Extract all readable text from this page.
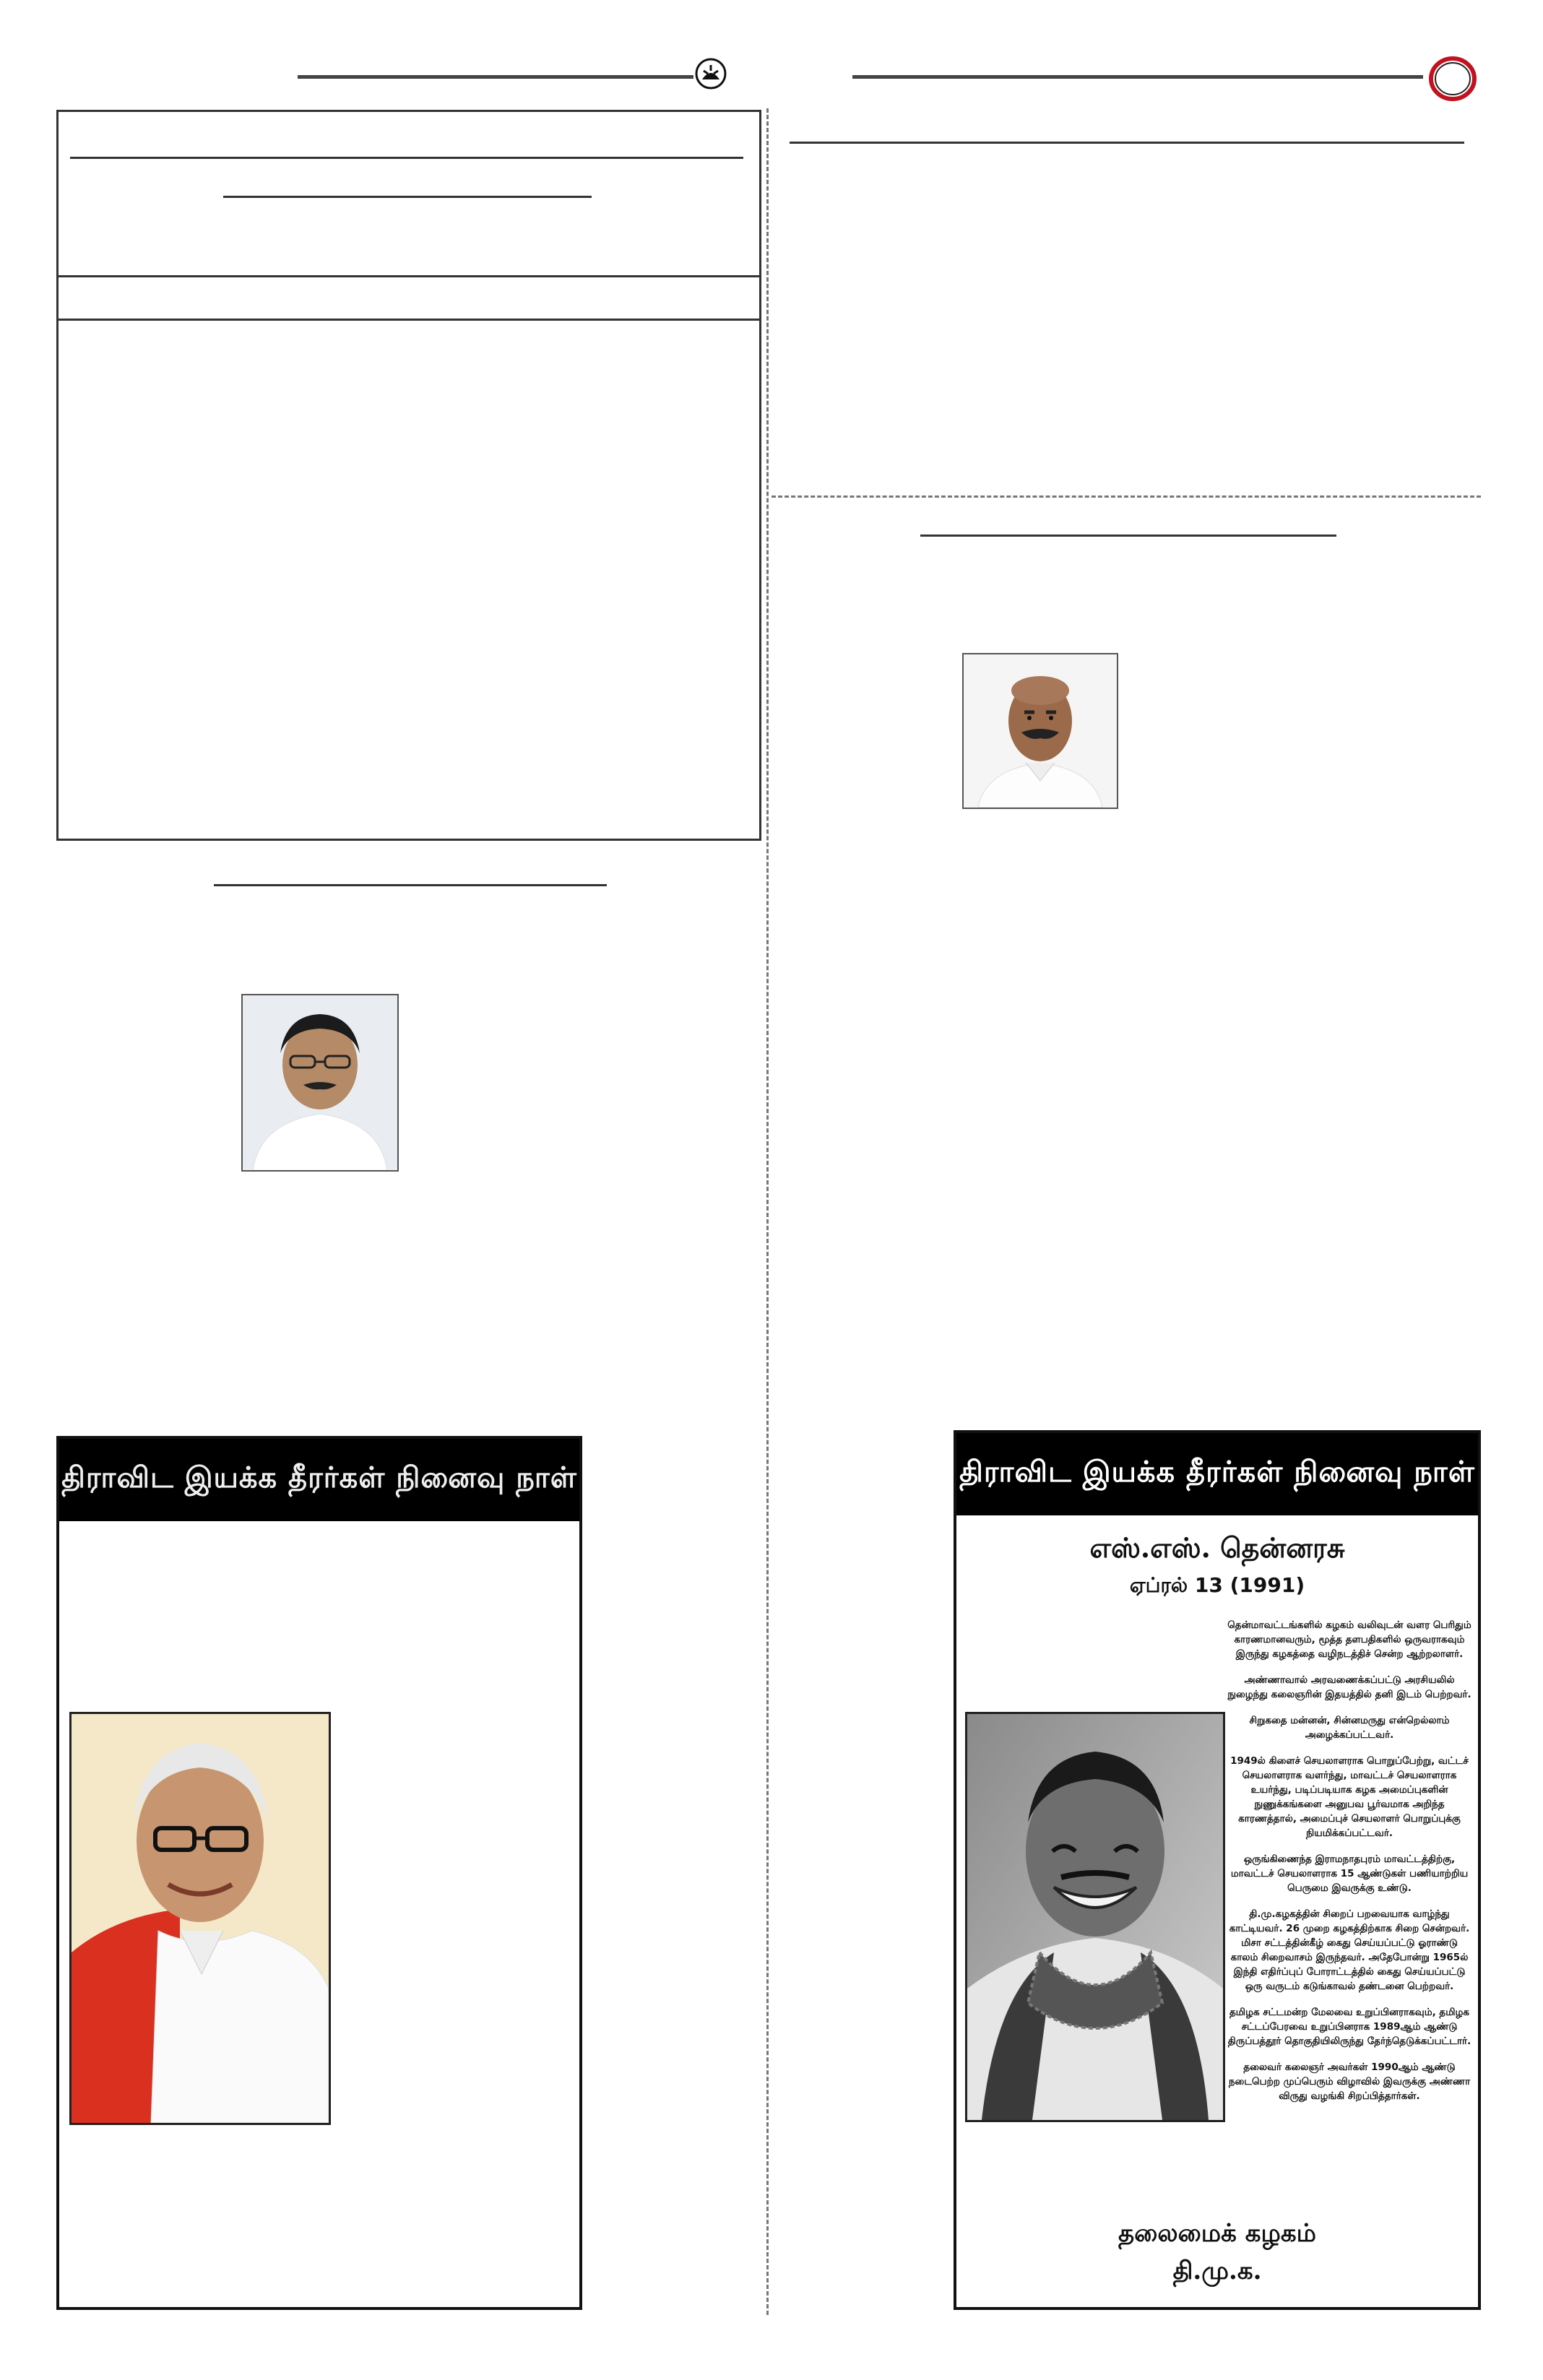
திராவிட இயக்க தீரர்கள் நினைவு நாள்	திராவிட இயக்க தீரர்கள் நினைவு நாள்
எஸ்.எஸ். தென்னரசு
ஏப்ரல் 13 (1991)

தென்மாவட்டங்களில் கழகம் வலிவுடன் வளர பெரிதும் காரணமானவரும், மூத்த தளபதிகளில் ஒருவராகவும் இருந்து கழகத்தை வழிநடத்திச் சென்ற ஆற்றலாளர்.

அண்ணாவால் அரவணைக்கப்பட்டு அரசியலில் நுழைந்து கலைஞரின் இதயத்தில் தனி இடம் பெற்றவர்.

சிறுகதை மன்னன், சின்னமருது என்றெல்லாம் அழைக்கப்பட்டவர்.

1949ல் கிளைச் செயலாளராக பொறுப்பேற்று, வட்டச் செயலாளராக வளர்ந்து, மாவட்டச் செயலாளராக உயர்ந்து, படிப்படியாக கழக அமைப்புகளின் நுணுக்கங்களை அனுபவ பூர்வமாக அறிந்த காரணத்தால், அமைப்புச் செயலாளர் பொறுப்புக்கு நியமிக்கப்பட்டவர்.

ஒருங்கிணைந்த இராமநாதபுரம் மாவட்டத்திற்கு, மாவட்டச் செயலாளராக 15 ஆண்டுகள் பணியாற்றிய பெருமை இவருக்கு உண்டு.

தி.மு.கழகத்தின் சிறைப் பறவையாக வாழ்ந்து காட்டியவர். 26 முறை கழகத்திற்காக சிறை சென்றவர். மிசா சட்டத்தின்கீழ் கைது செய்யப்பட்டு ஓராண்டு காலம் சிறைவாசம் இருந்தவர். அதேபோன்று 1965ல் இந்தி எதிர்ப்புப் போராட்டத்தில் கைது செய்யப்பட்டு ஒரு வருடம் கடுங்காவல் தண்டனை பெற்றவர்.

தமிழக சட்டமன்ற மேலவை உறுப்பினராகவும், தமிழக சட்டப்பேரவை உறுப்பினராக 1989ஆம் ஆண்டு திருப்பத்தூர் தொகுதியிலிருந்து தேர்ந்தெடுக்கப்பட்டார்.

தலைவர் கலைஞர் அவர்கள் 1990ஆம் ஆண்டு நடைபெற்ற முப்பெரும் விழாவில் இவருக்கு அண்ணா விருது வழங்கி சிறப்பித்தார்கள்.

தலைமைக் கழகம்
தி.மு.க.
